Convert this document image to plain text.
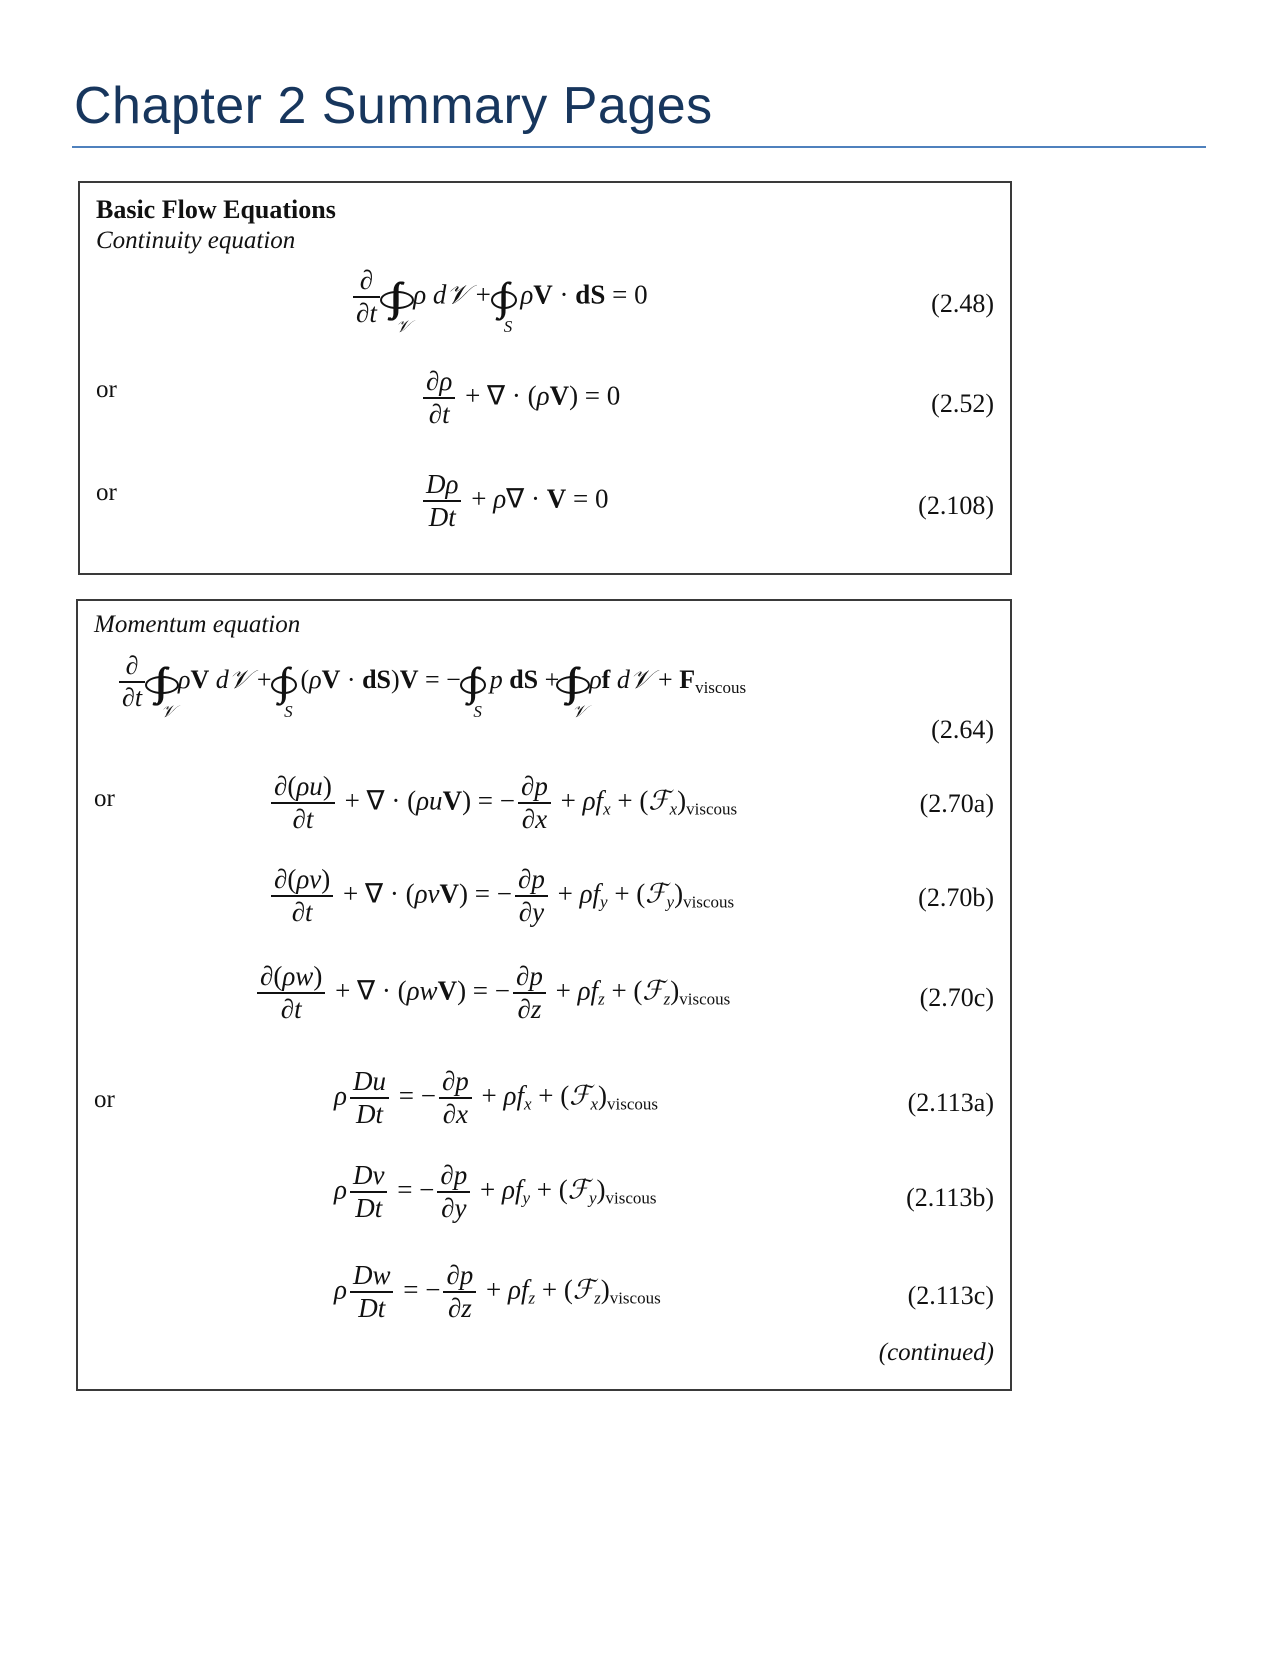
Chapter 2 Summary Pages
Basic Flow Equations
Continuity equation
$\frac{\partial}{\partial t}$ ∫∫∫
𝒱
ρ d𝒱 + ∫∫
S
ρV · dS = 0	(2.48)
or	$\frac{\partial\rho}{\partial t}$ + ∇ · (ρV) = 0	(2.52)
or	$\frac{D\rho}{Dt} + \rho\nabla \cdot V = 0$	(2.108)
Momentum equation
$\frac{\partial}{\partial t}$ ∫∫∫
𝒱
ρV d𝒱 + ∫∫
S
(ρV · dS)V = − ∫∫
S
p dS + ∫∫∫
𝒱
ρf d𝒱 + Fviscous
(2.64)
or	$\frac{\partial(\rho u)}{\partial t}$ + ∇ · (ρuV) = − $\frac{\partial p}{\partial x} + \rho fx$ + (ℱx)viscous	(2.70a)
$\frac{\partial(\rho v)}{\partial t}$ + ∇ · (ρvV) = − $\frac{\partial p}{\partial y} + \rho fy$ + (ℱy)viscous	(2.70b)
$\frac{\partial(\rho w)}{\partial t}$ + ∇ · (ρwV) = − $\frac{\partial p}{\partial z} + \rho fz$ + (ℱz)viscous	(2.70c)
or	ρ $\frac{Du}{Dt}$ = − $\frac{\partial p}{\partial x} + \rho fx$ + (ℱx)viscous	(2.113a)
ρ $\frac{Dv}{Dt}$ = − $\frac{\partial p}{\partial y} + \rho fy$ + (ℱy)viscous	(2.113b)
ρ $\frac{Dw}{Dt}$ = − $\frac{\partial p}{\partial z} + \rho fz$ + (ℱz)viscous	(2.113c)
(continued)
